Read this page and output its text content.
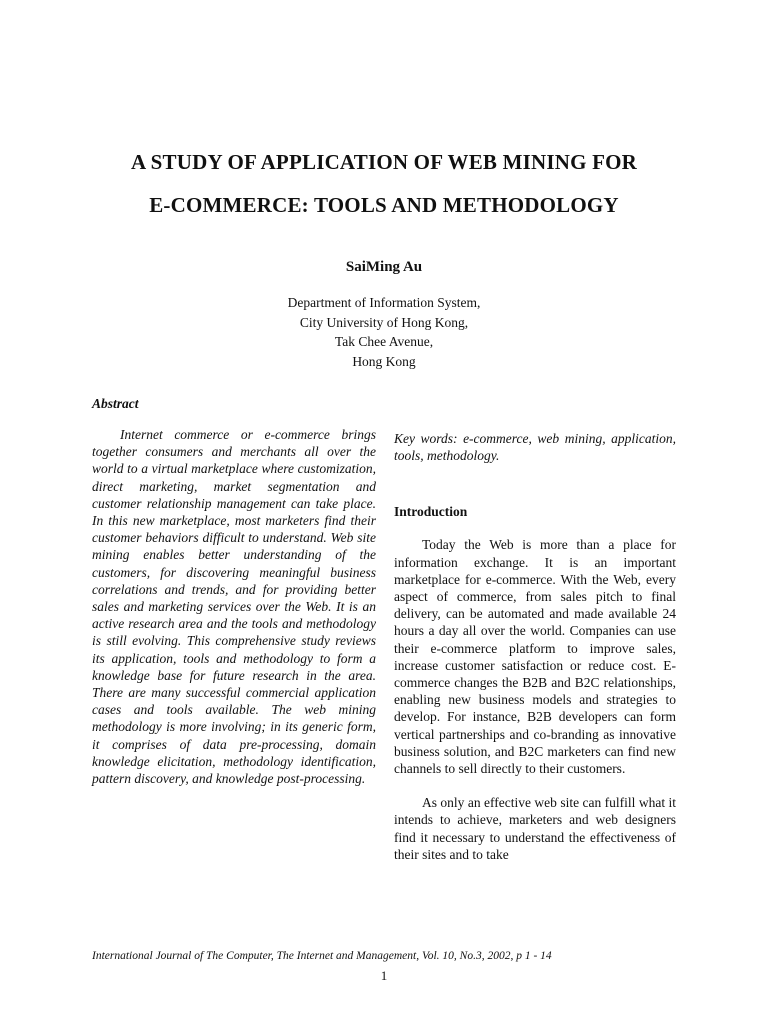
A STUDY OF APPLICATION OF WEB MINING FOR
E-COMMERCE: TOOLS AND METHODOLOGY
SaiMing Au
Department of Information System,
City University of Hong Kong,
Tak Chee Avenue,
Hong Kong
Abstract

Internet commerce or e-commerce brings together consumers and merchants all over the world to a virtual marketplace where customization, direct marketing, market segmentation and customer relationship management can take place. In this new marketplace, most marketers find their customer behaviors difficult to understand. Web site mining enables better understanding of the customers, for discovering meaningful business correlations and trends, and for providing better sales and marketing services over the Web. It is an active research area and the tools and methodology is still evolving. This comprehensive study reviews its application, tools and methodology to form a knowledge base for future research in the area. There are many successful commercial application cases and tools available. The web mining methodology is more involving; in its generic form, it comprises of data pre-processing, domain knowledge elicitation, methodology identification, pattern discovery, and knowledge post-processing.

Key words: e-commerce, web mining, application, tools, methodology.

Introduction

Today the Web is more than a place for information exchange. It is an important marketplace for e-commerce. With the Web, every aspect of commerce, from sales pitch to final delivery, can be automated and made available 24 hours a day all over the world. Companies can use their e-commerce platform to improve sales, increase customer satisfaction or reduce cost. E-commerce changes the B2B and B2C relationships, enabling new business models and strategies to develop. For instance, B2B developers can form vertical partnerships and co-branding as innovative business solution, and B2C marketers can find new channels to sell directly to their customers.

As only an effective web site can fulfill what it intends to achieve, marketers and web designers find it necessary to understand the effectiveness of their sites and to take

International Journal of The Computer, The Internet and Management, Vol. 10, No.3, 2002, p 1 - 14
1
